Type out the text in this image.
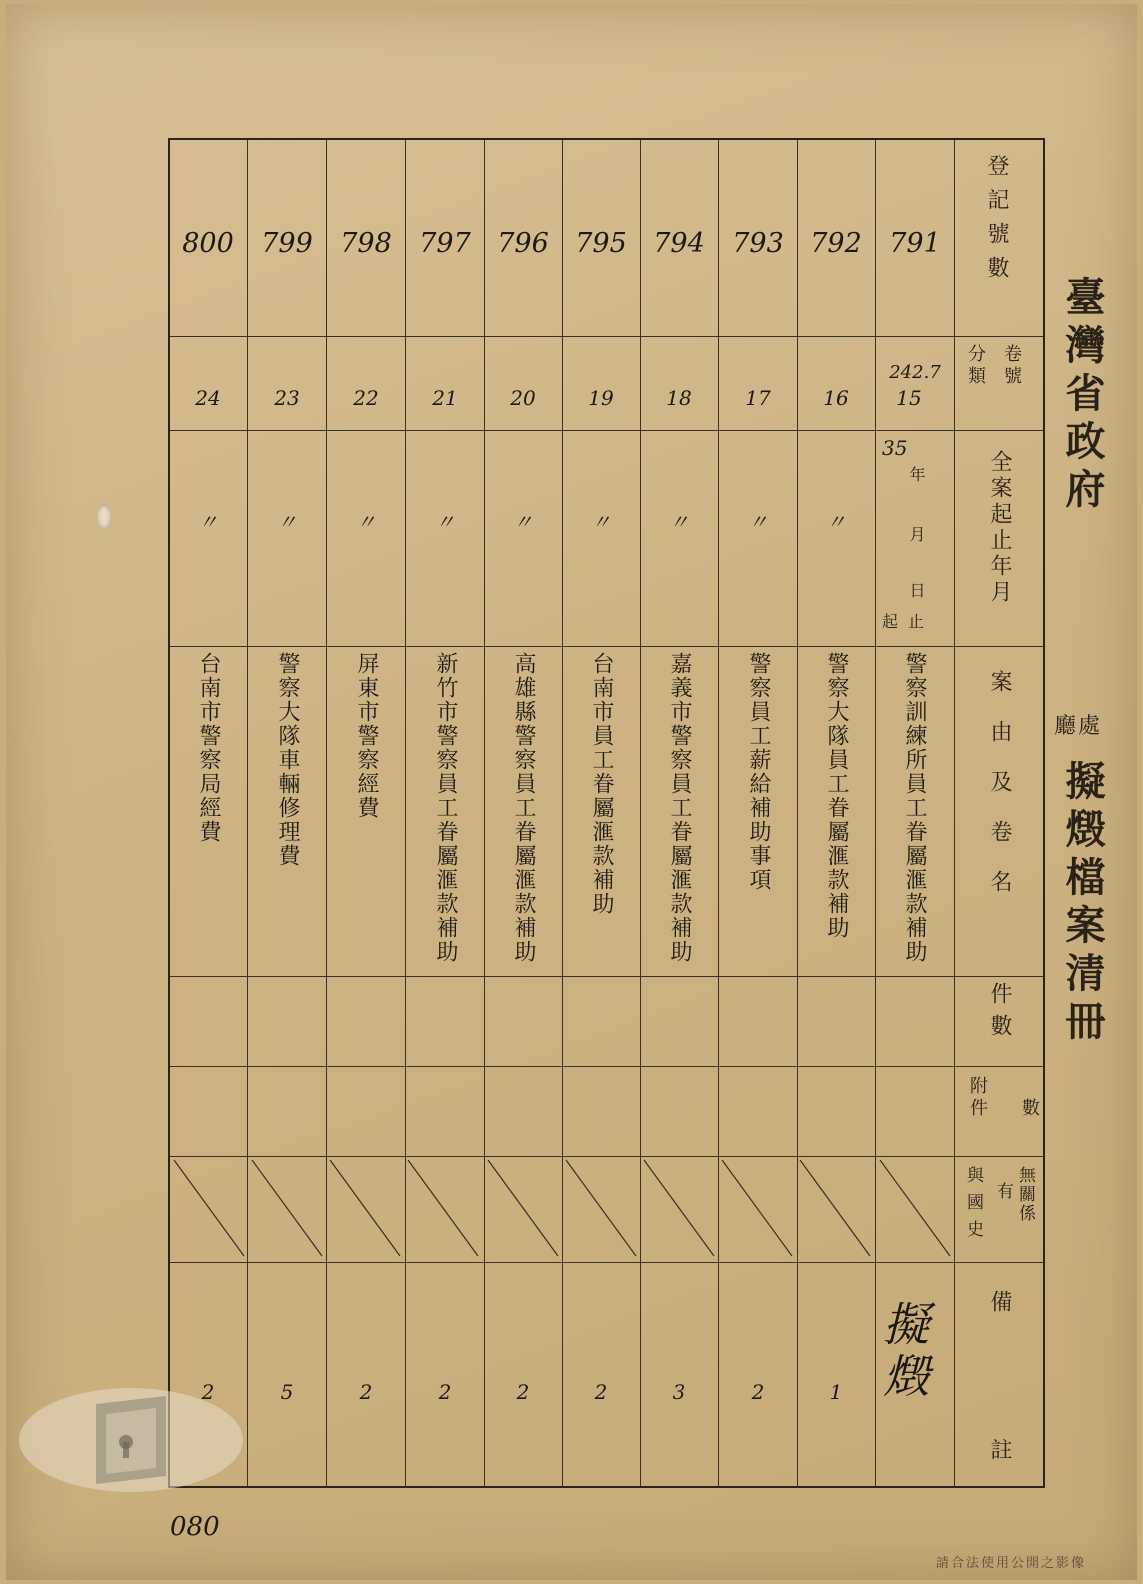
臺灣省政府
廳處
擬燬檔案清冊
登記號數
卷號
分類
全案起止年月
案由及卷名
件數
附件 數
無關係
有
與國史
備
註
35
年
月
日
起止
791
242.7
15
警察訓練所員工眷屬滙款補助
792
16
〃
警察大隊員工眷屬滙款補助
1
793
17
〃
警察員工薪給補助事項
2
794
18
〃
嘉義市警察員工眷屬滙款補助
3
795
19
〃
台南市員工眷屬滙款補助
2
796
20
〃
高雄縣警察員工眷屬滙款補助
2
797
21
〃
新竹市警察員工眷屬滙款補助
2
798
22
〃
屏東市警察經費
2
799
23
〃
警察大隊車輛修理費
5
800
24
〃
台南市警察局經費
2	擬燬
080
請合法使用公開之影像
